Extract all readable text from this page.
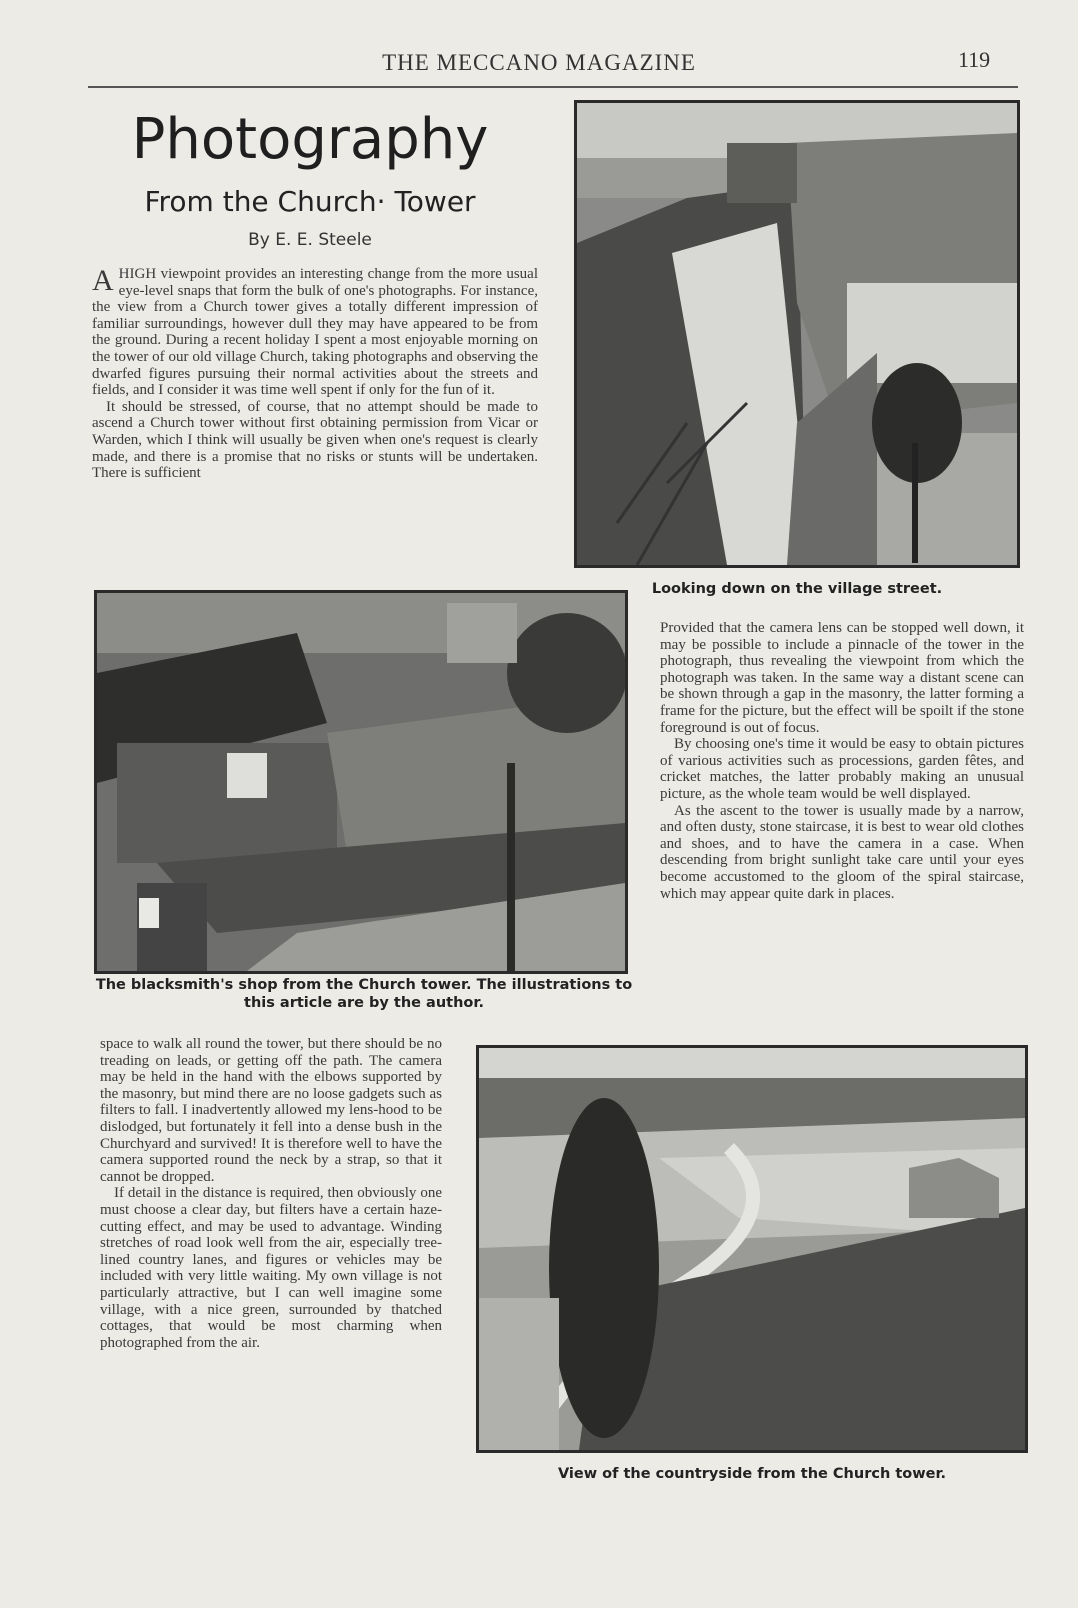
THE MECCANO MAGAZINE	119
Photography
From the Church· Tower
By E. E. Steele

AHIGH viewpoint provides an interesting change from the more usual eye-level snaps that form the bulk of one's photographs. For instance, the view from a Church tower gives a totally different impression of familiar surroundings, however dull they may have appeared to be from the ground. During a recent holiday I spent a most enjoyable morning on the tower of our old village Church, taking photographs and observing the dwarfed figures pursuing their normal activities about the streets and fields, and I consider it was time well spent if only for the fun of it.

It should be stressed, of course, that no attempt should be made to ascend a Church tower without first obtaining permission from Vicar or Warden, which I think will usually be given when one's request is clearly made, and there is a promise that no risks or stunts will be undertaken. There is sufficient

Looking down on the village street.
The blacksmith's shop from the Church tower. The illustrations to this article are by the author.

Provided that the camera lens can be stopped well down, it may be possible to include a pinnacle of the tower in the photograph, thus revealing the viewpoint from which the photograph was taken. In the same way a distant scene can be shown through a gap in the masonry, the latter forming a frame for the picture, but the effect will be spoilt if the stone foreground is out of focus.

By choosing one's time it would be easy to obtain pictures of various activities such as processions, garden fêtes, and cricket matches, the latter probably making an unusual picture, as the whole team would be well displayed.

As the ascent to the tower is usually made by a narrow, and often dusty, stone staircase, it is best to wear old clothes and shoes, and to have the camera in a case. When descending from bright sunlight take care until your eyes become accustomed to the gloom of the spiral staircase, which may appear quite dark in places.

space to walk all round the tower, but there should be no treading on leads, or getting off the path. The camera may be held in the hand with the elbows supported by the masonry, but mind there are no loose gadgets such as filters to fall. I inadvertently allowed my lens-hood to be dislodged, but fortunately it fell into a dense bush in the Churchyard and survived! It is therefore well to have the camera supported round the neck by a strap, so that it cannot be dropped.

If detail in the distance is required, then obviously one must choose a clear day, but filters have a certain haze-cutting effect, and may be used to advantage. Winding stretches of road look well from the air, especially tree-lined country lanes, and figures or vehicles may be included with very little waiting. My own village is not particularly attractive, but I can well imagine some village, with a nice green, surrounded by thatched cottages, that would be most charming when photographed from the air.

View of the countryside from the Church tower.
